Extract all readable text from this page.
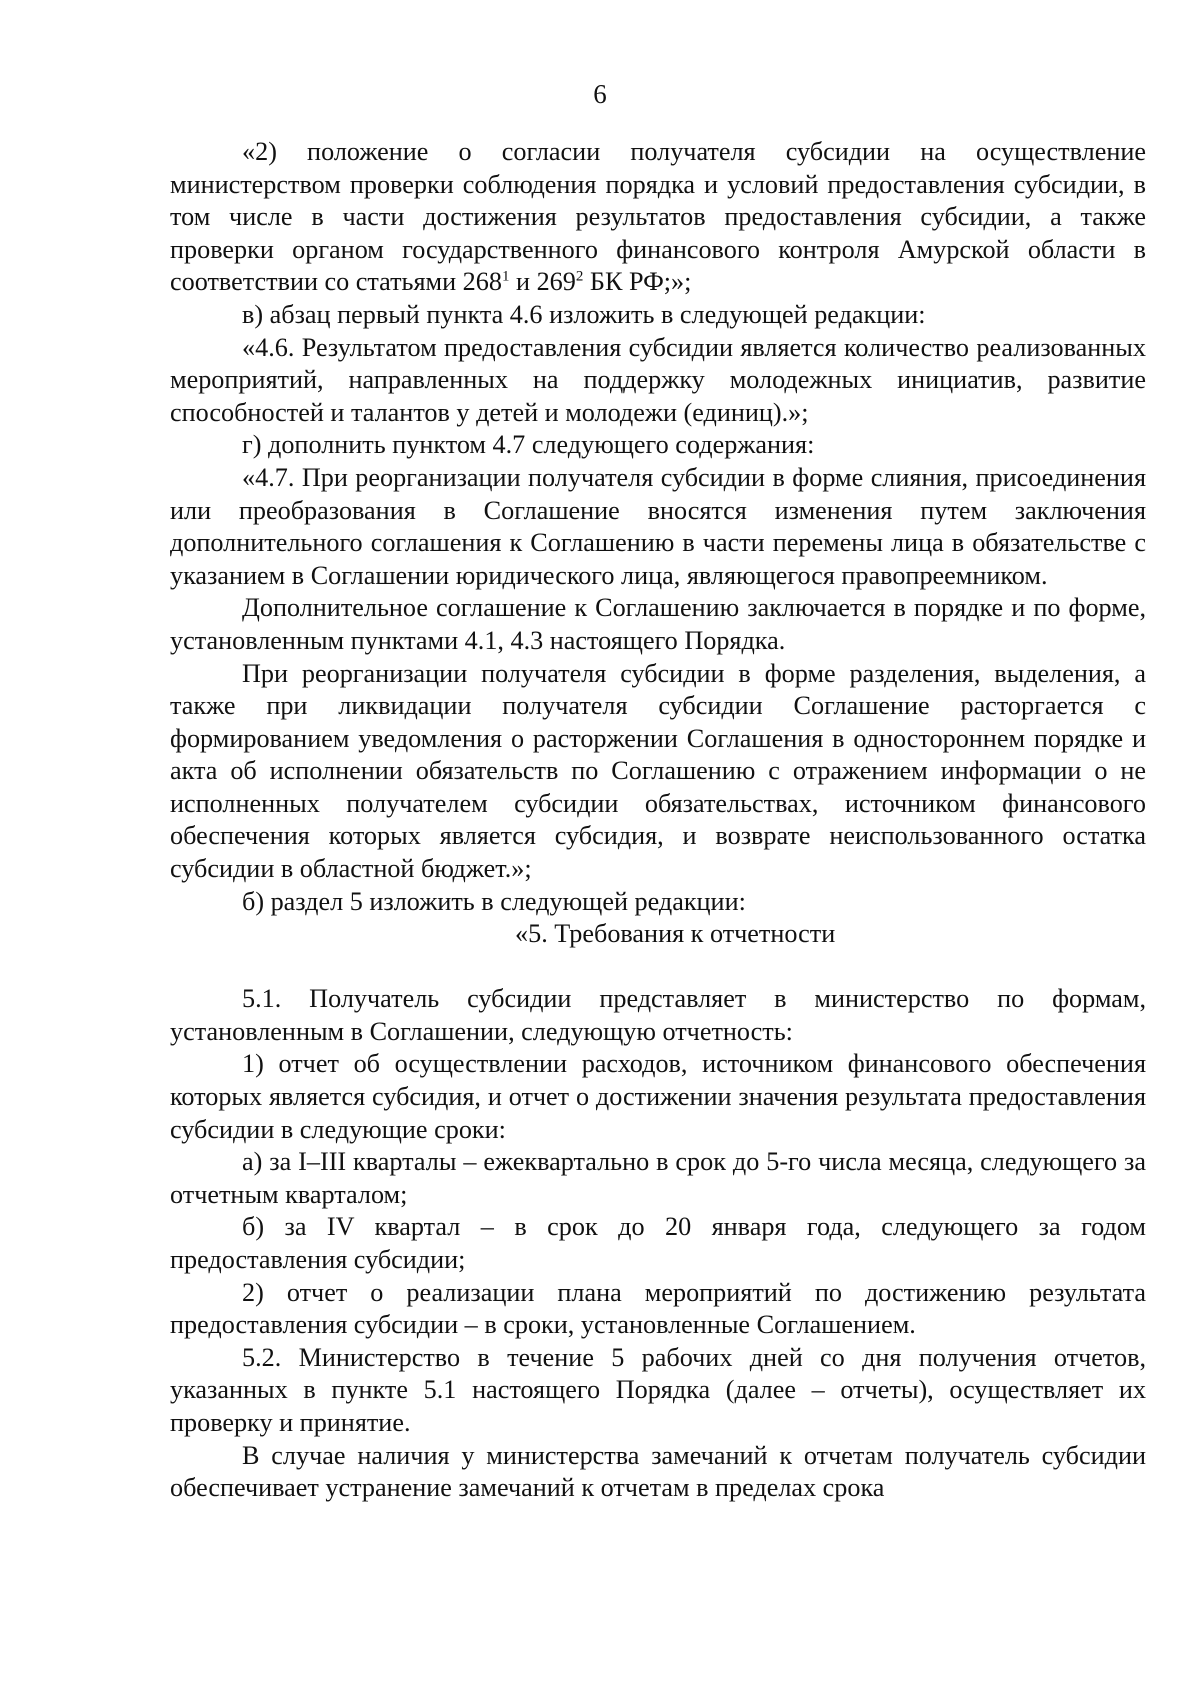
6

«2) положение о согласии получателя субсидии на осуществление министерством проверки соблюдения порядка и условий предоставления субсидии, в том числе в части достижения результатов предоставления субсидии, а также проверки органом государственного финансового контроля Амурской области в соответствии со статьями $268^1$ и $269^2$ БК РФ;»;

в) абзац первый пункта 4.6 изложить в следующей редакции:

«4.6. Результатом предоставления субсидии является количество реализованных мероприятий, направленных на поддержку молодежных инициатив, развитие способностей и талантов у детей и молодежи (единиц).»;

г) дополнить пунктом 4.7 следующего содержания:

«4.7. При реорганизации получателя субсидии в форме слияния, присоединения или преобразования в Соглашение вносятся изменения путем заключения дополнительного соглашения к Соглашению в части перемены лица в обязательстве с указанием в Соглашении юридического лица, являющегося правопреемником.

Дополнительное соглашение к Соглашению заключается в порядке и по форме, установленным пунктами 4.1, 4.3 настоящего Порядка.

При реорганизации получателя субсидии в форме разделения, выделения, а также при ликвидации получателя субсидии Соглашение расторгается с формированием уведомления о расторжении Соглашения в одностороннем порядке и акта об исполнении обязательств по Соглашению с отражением информации о не исполненных получателем субсидии обязательствах, источником финансового обеспечения которых является субсидия, и возврате неиспользованного остатка субсидии в областной бюджет.»;

б) раздел 5 изложить в следующей редакции:

«5. Требования к отчетности

5.1. Получатель субсидии представляет в министерство по формам, установленным в Соглашении, следующую отчетность:

1) отчет об осуществлении расходов, источником финансового обеспечения которых является субсидия, и отчет о достижении значения результата предоставления субсидии в следующие сроки:

а) за I–III кварталы – ежеквартально в срок до 5-го числа месяца, следующего за отчетным кварталом;

б) за IV квартал – в срок до 20 января года, следующего за годом предоставления субсидии;

2) отчет о реализации плана мероприятий по достижению результата предоставления субсидии – в сроки, установленные Соглашением.

5.2. Министерство в течение 5 рабочих дней со дня получения отчетов, указанных в пункте 5.1 настоящего Порядка (далее – отчеты), осуществляет их проверку и принятие.

В случае наличия у министерства замечаний к отчетам получатель субсидии обеспечивает устранение замечаний к отчетам в пределах срока
